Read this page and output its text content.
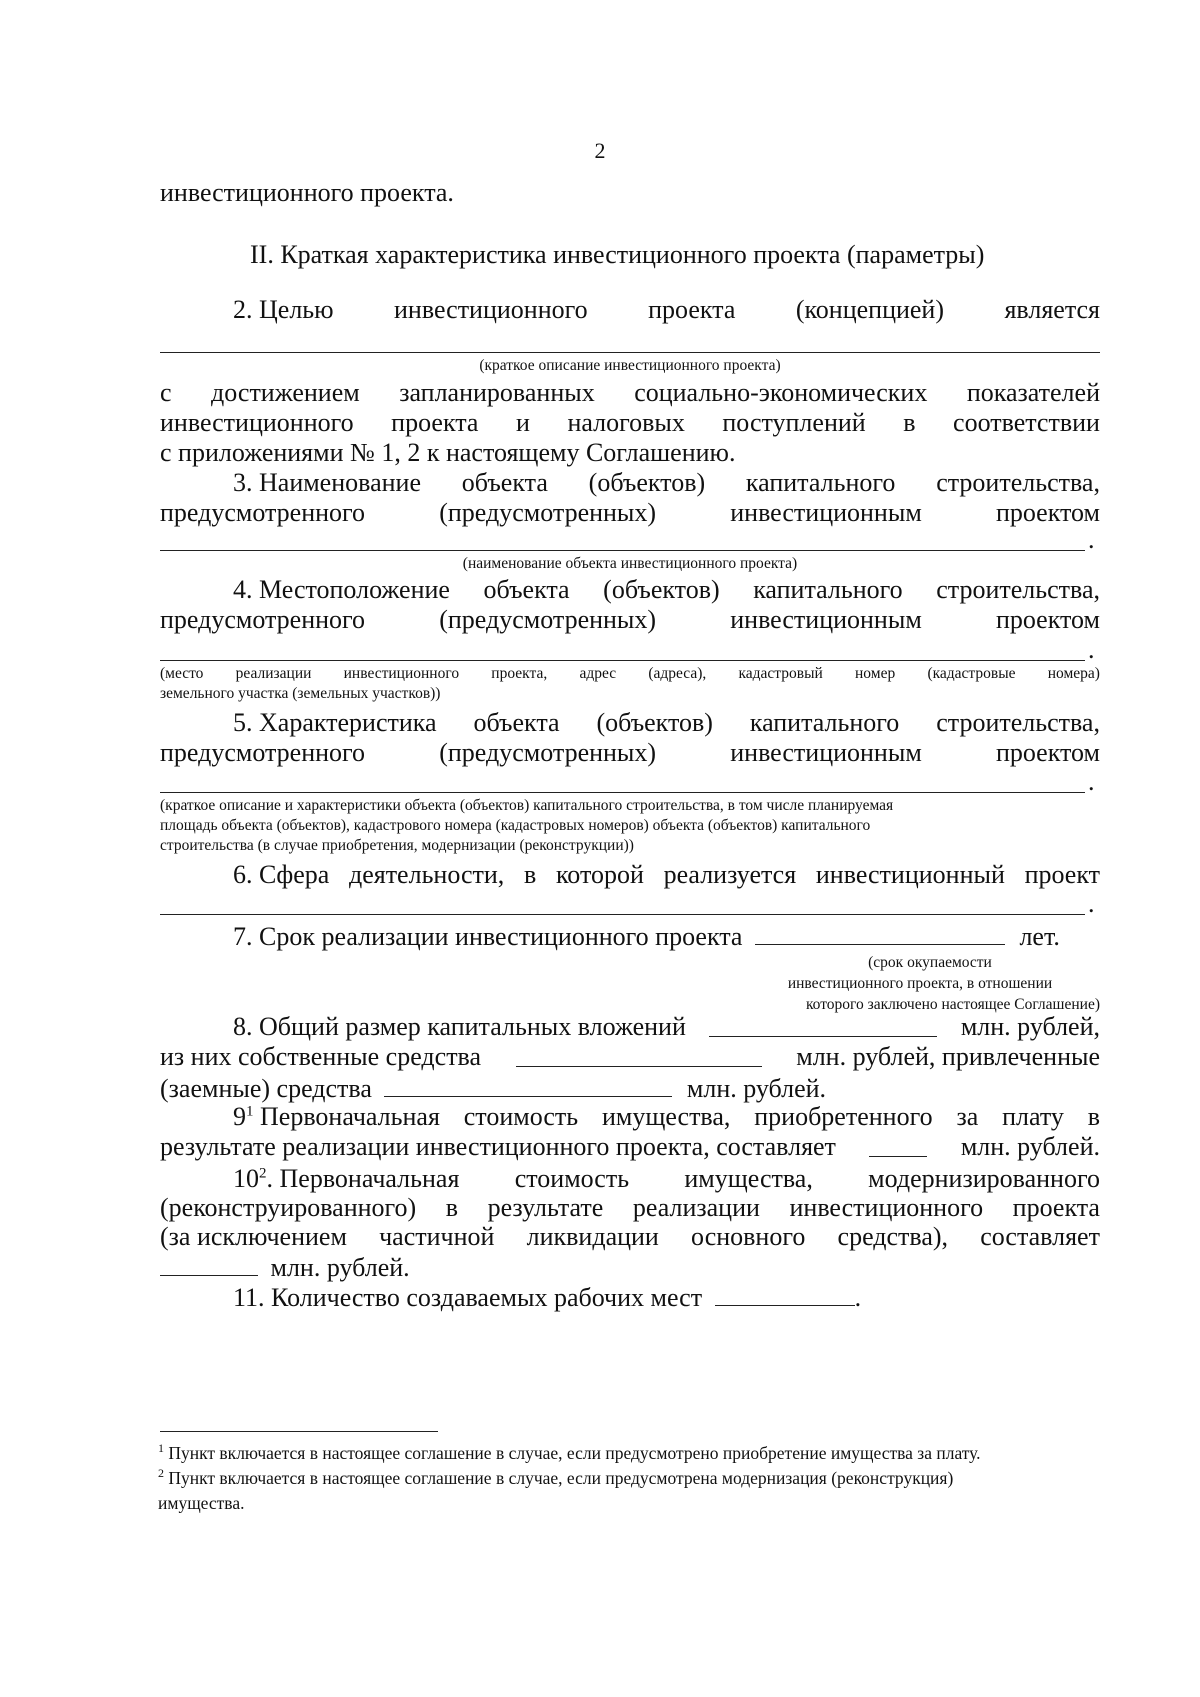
2
инвестиционного проекта.
II. Краткая характеристика инвестиционного проекта (параметры)
2. Целью инвестиционного проекта (концепцией) является
(краткое описание инвестиционного проекта)
с достижением запланированных социально-экономических показателей
инвестиционного проекта и налоговых поступлений в соответствии
с приложениями № 1, 2 к настоящему Соглашению.
3. Наименование объекта (объектов) капитального строительства,
предусмотренного	(предусмотренных)	инвестиционным	проектом
.
(наименование объекта инвестиционного проекта)
4. Местоположение объекта (объектов) капитального строительства,
предусмотренного	(предусмотренных)	инвестиционным	проектом
.
(место реализации инвестиционного проекта, адрес (адреса), кадастровый номер (кадастровые номера)
земельного участка (земельных участков))
5. Характеристика объекта (объектов) капитального строительства,
предусмотренного	(предусмотренных)	инвестиционным	проектом
.
(краткое описание и характеристики объекта (объектов) капитального строительства, в том числе планируемая
площадь объекта (объектов), кадастрового номера (кадастровых номеров) объекта (объектов) капитального
строительства (в случае приобретения, модернизации (реконструкции))
6. Сфера деятельности, в которой реализуется инвестиционный проект
.
7. Срок реализации инвестиционного проекта	лет.
(срок окупаемости
инвестиционного проекта, в отношении
которого заключено настоящее Соглашение)
8. Общий размер капитальных вложений	млн. рублей,
из них собственные средства	млн. рублей, привлеченные
(заемные) средства	млн. рублей.
$9^1$ Первоначальная стоимость имущества, приобретенного за плату в
результате реализации инвестиционного проекта, составляет	млн. рублей.
$10^2$. Первоначальная стоимость имущества, модернизированного
(реконструированного) в результате реализации инвестиционного проекта
(за исключением частичной ликвидации основного средства), составляет
млн. рублей.
11. Количество создаваемых рабочих мест	.
$^1$ Пункт включается в настоящее соглашение в случае, если предусмотрено приобретение имущества за плату.
$^2$ Пункт включается в настоящее соглашение в случае, если предусмотрена модернизация (реконструкция)
имущества.
